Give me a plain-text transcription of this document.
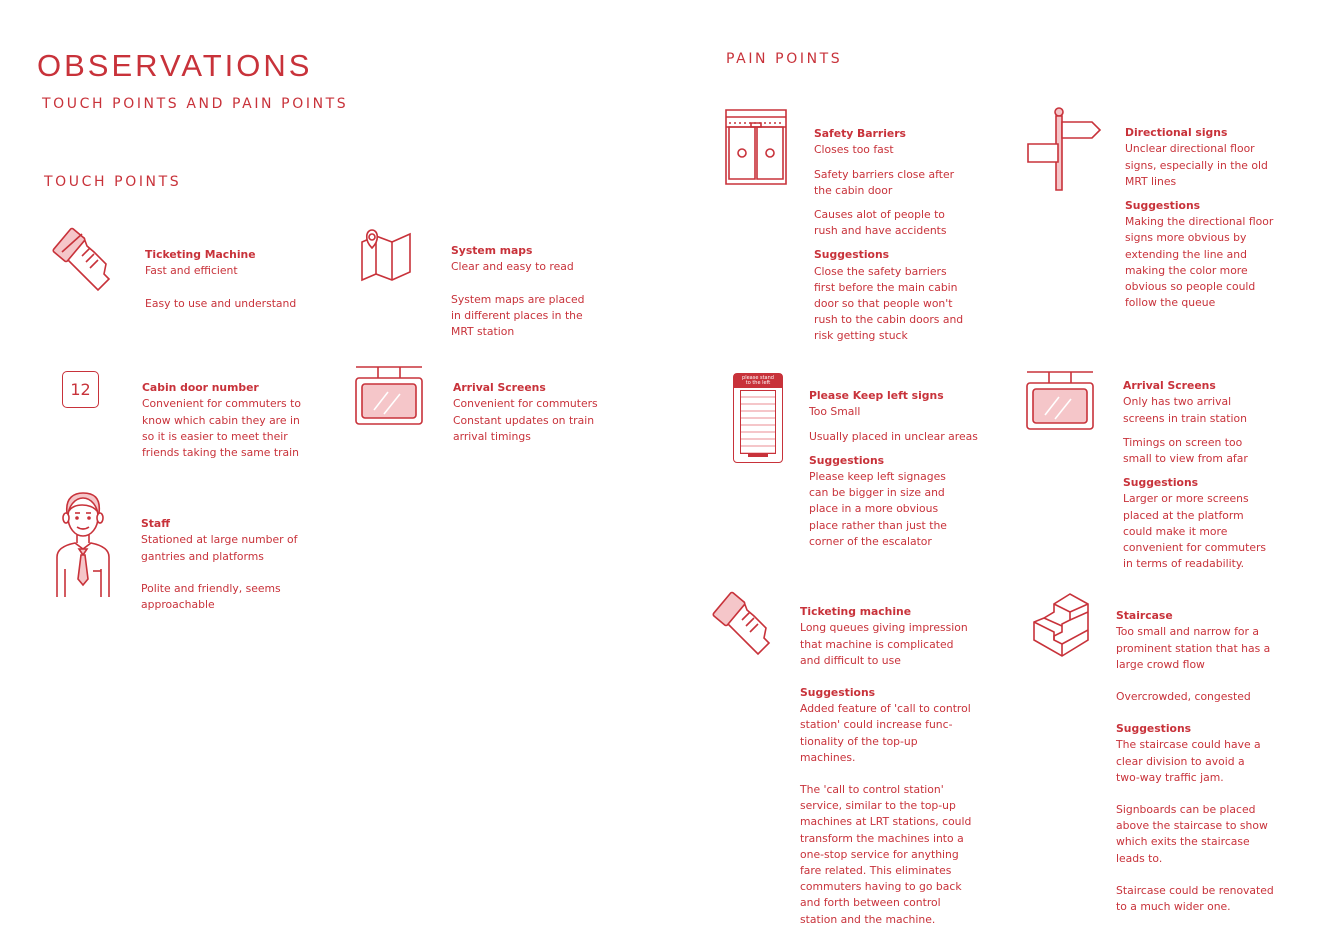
OBSERVATIONS
TOUCH POINTS AND PAIN POINTS
TOUCH POINTS

Ticketing Machine
Fast and efficient
Easy to use and understand

System maps
Clear and easy to read
System maps are placed
in different places in the
MRT station

12	Cabin door number
Convenient for commuters to
know which cabin they are in
so it is easier to meet their
friends taking the same train

Arrival Screens
Convenient for commuters
Constant updates on train
arrival timings

Staff
Stationed at large number of
gantries and platforms
Polite and friendly, seems
approachable

PAIN POINTS

Safety Barriers
Closes too fast
Safety barriers close after
the cabin door
Causes alot of people to
rush and have accidents
Suggestions
Close the safety barriers
first before the main cabin
door so that people won't
rush to the cabin doors and
risk getting stuck

Directional signs
Unclear directional floor
signs, especially in the old
MRT lines
Suggestions
Making the directional floor
signs more obvious by
extending the line and
making the color more
obvious so people could
follow the queue

please stand
to the left

Please Keep left signs
Too Small
Usually placed in unclear areas
Suggestions
Please keep left signages
can be bigger in size and
place in a more obvious
place rather than just the
corner of the escalator

Arrival Screens
Only has two arrival
screens in train station
Timings on screen too
small to view from afar
Suggestions
Larger or more screens
placed at the platform
could make it more
convenient for commuters
in terms of readability.

Ticketing machine
Long queues giving impression
that machine is complicated
and difficult to use
Suggestions
Added feature of 'call to control
station' could increase func-
tionality of the top-up
machines.
The 'call to control station'
service, similar to the top-up
machines at LRT stations, could
transform the machines into a
one-stop service for anything
fare related. This eliminates
commuters having to go back
and forth between control
station and the machine.

Staircase
Too small and narrow for a
prominent station that has a
large crowd flow
Overcrowded, congested
Suggestions
The staircase could have a
clear division to avoid a
two-way traffic jam.
Signboards can be placed
above the staircase to show
which exits the staircase
leads to.
Staircase could be renovated
to a much wider one.
